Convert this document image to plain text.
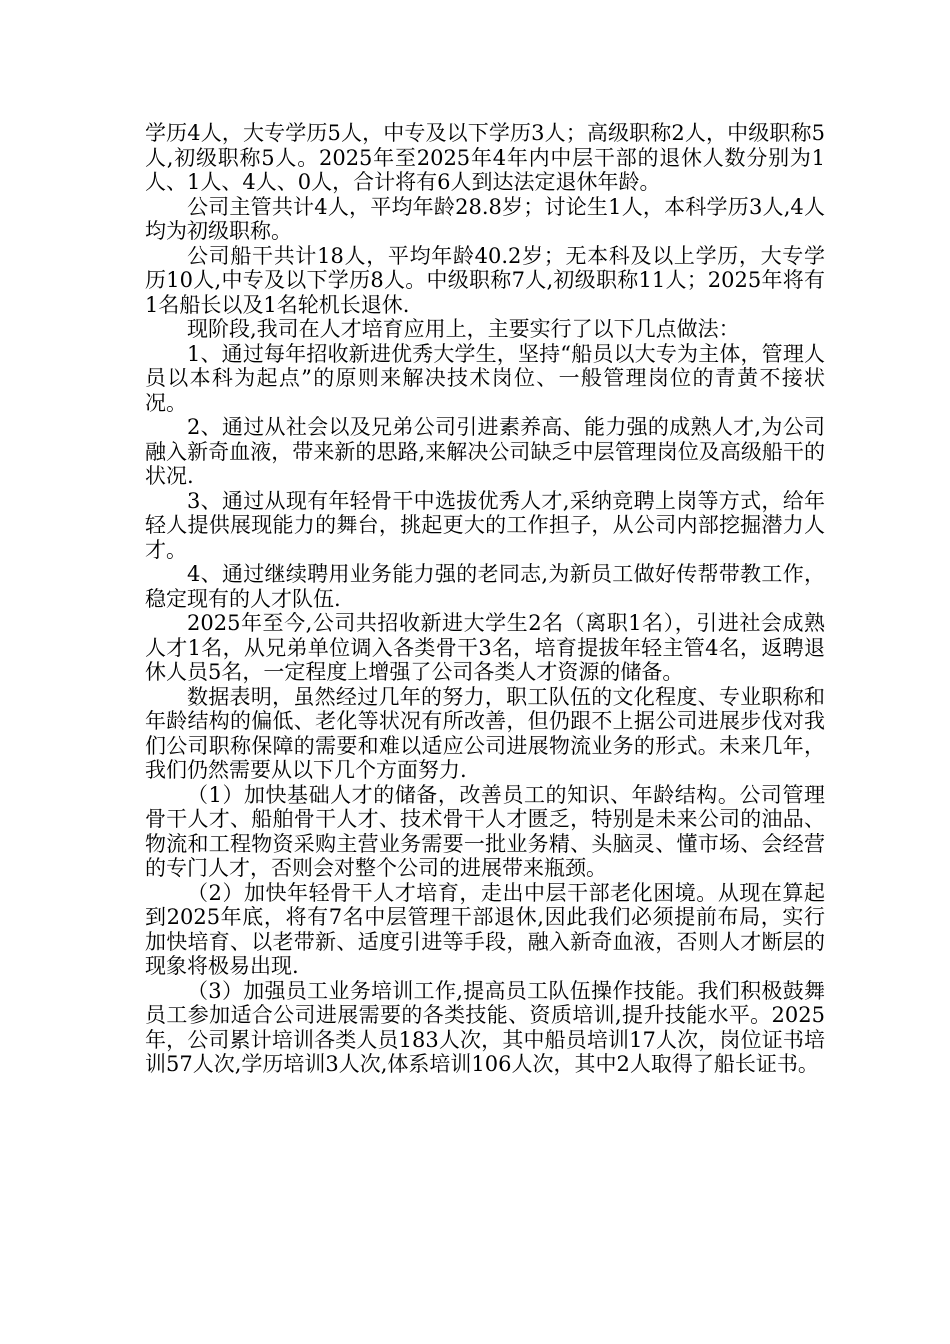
学历4人，大专学历5人，中专及以下学历3人；高级职称2人，中级职称5人,初级职称5人。2025年至2025年4年内中层干部的退休人数分别为1人、1人、4人、0人，合计将有6人到达法定退休年龄。

公司主管共计4人，平均年龄28.8岁；讨论生1人，本科学历3人,4人均为初级职称。

公司船干共计18人，平均年龄40.2岁；无本科及以上学历，大专学历10人,中专及以下学历8人。中级职称7人,初级职称11人；2025年将有1名船长以及1名轮机长退休.

现阶段,我司在人才培育应用上，主要实行了以下几点做法：

1、通过每年招收新进优秀大学生，坚持“船员以大专为主体，管理人员以本科为起点”的原则来解决技术岗位、一般管理岗位的青黄不接状况。

2、通过从社会以及兄弟公司引进素养高、能力强的成熟人才,为公司融入新奇血液，带来新的思路,来解决公司缺乏中层管理岗位及高级船干的状况.

3、通过从现有年轻骨干中选拔优秀人才,采纳竞聘上岗等方式，给年轻人提供展现能力的舞台，挑起更大的工作担子，从公司内部挖掘潜力人才。

4、通过继续聘用业务能力强的老同志,为新员工做好传帮带教工作，稳定现有的人才队伍.

2025年至今,公司共招收新进大学生2名（离职1名），引进社会成熟人才1名，从兄弟单位调入各类骨干3名，培育提拔年轻主管4名，返聘退休人员5名，一定程度上增强了公司各类人才资源的储备。

数据表明，虽然经过几年的努力，职工队伍的文化程度、专业职称和年龄结构的偏低、老化等状况有所改善，但仍跟不上据公司进展步伐对我们公司职称保障的需要和难以适应公司进展物流业务的形式。未来几年，我们仍然需要从以下几个方面努力.

（1）加快基础人才的储备，改善员工的知识、年龄结构。公司管理骨干人才、船舶骨干人才、技术骨干人才匮乏，特别是未来公司的油品、物流和工程物资采购主营业务需要一批业务精、头脑灵、懂市场、会经营的专门人才，否则会对整个公司的进展带来瓶颈。

（2）加快年轻骨干人才培育，走出中层干部老化困境。从现在算起到2025年底，将有7名中层管理干部退休,因此我们必须提前布局，实行加快培育、以老带新、适度引进等手段，融入新奇血液，否则人才断层的现象将极易出现.

（3）加强员工业务培训工作,提高员工队伍操作技能。我们积极鼓舞员工参加适合公司进展需要的各类技能、资质培训,提升技能水平。2025年，公司累计培训各类人员183人次，其中船员培训17人次，岗位证书培训57人次,学历培训3人次,体系培训106人次，其中2人取得了船长证书。
